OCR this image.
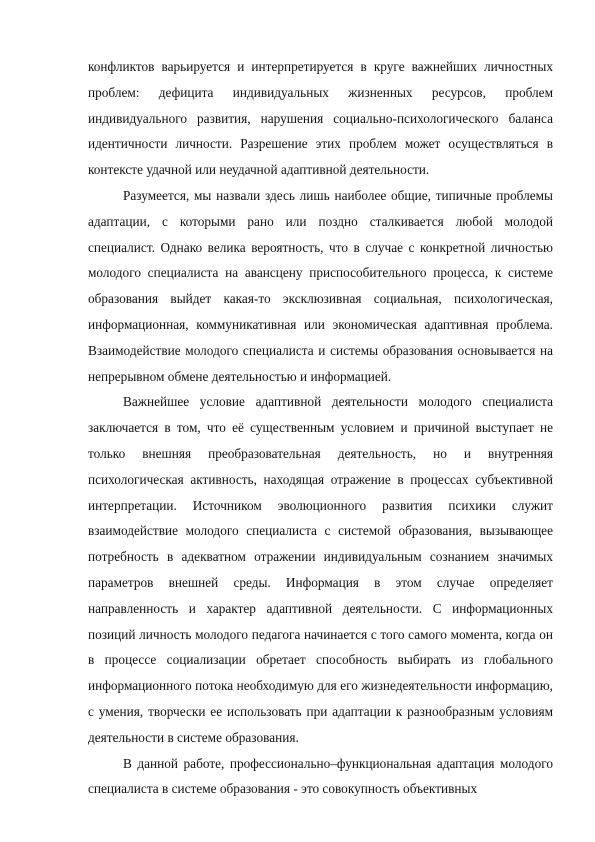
конфликтов варьируется и интерпретируется в круге важнейших личностных проблем: дефицита индивидуальных жизненных ресурсов, проблем индивидуального развития, нарушения социально-психологического баланса идентичности личности. Разрешение этих проблем может осуществляться в контексте удачной или неудачной адаптивной деятельности.

Разумеется, мы назвали здесь лишь наиболее общие, типичные проблемы адаптации, с которыми рано или поздно сталкивается любой молодой специалист. Однако велика вероятность, что в случае с конкретной личностью молодого специалиста на авансцену приспособительного процесса, к системе образования выйдет какая-то эксклюзивная социальная, психологическая, информационная, коммуникативная или экономическая адаптивная проблема. Взаимодействие молодого специалиста и системы образования основывается на непрерывном обмене деятельностью и информацией.

Важнейшее условие адаптивной деятельности молодого специалиста заключается в том, что её существенным условием и причиной выступает не только внешняя преобразовательная деятельность, но и внутренняя психологическая активность, находящая отражение в процессах субъективной интерпретации. Источником эволюционного развития психики служит взаимодействие молодого специалиста с системой образования, вызывающее потребность в адекватном отражении индивидуальным сознанием значимых параметров внешней среды. Информация в этом случае определяет направленность и характер адаптивной деятельности. С информационных позиций личность молодого педагога начинается с того самого момента, когда он в процессе социализации обретает способность выбирать из глобального информационного потока необходимую для его жизнедеятельности информацию, с умения, творчески ее использовать при адаптации к разнообразным условиям деятельности в системе образования.

В данной работе, профессионально–функциональная адаптация молодого специалиста в системе образования - это совокупность объективных
